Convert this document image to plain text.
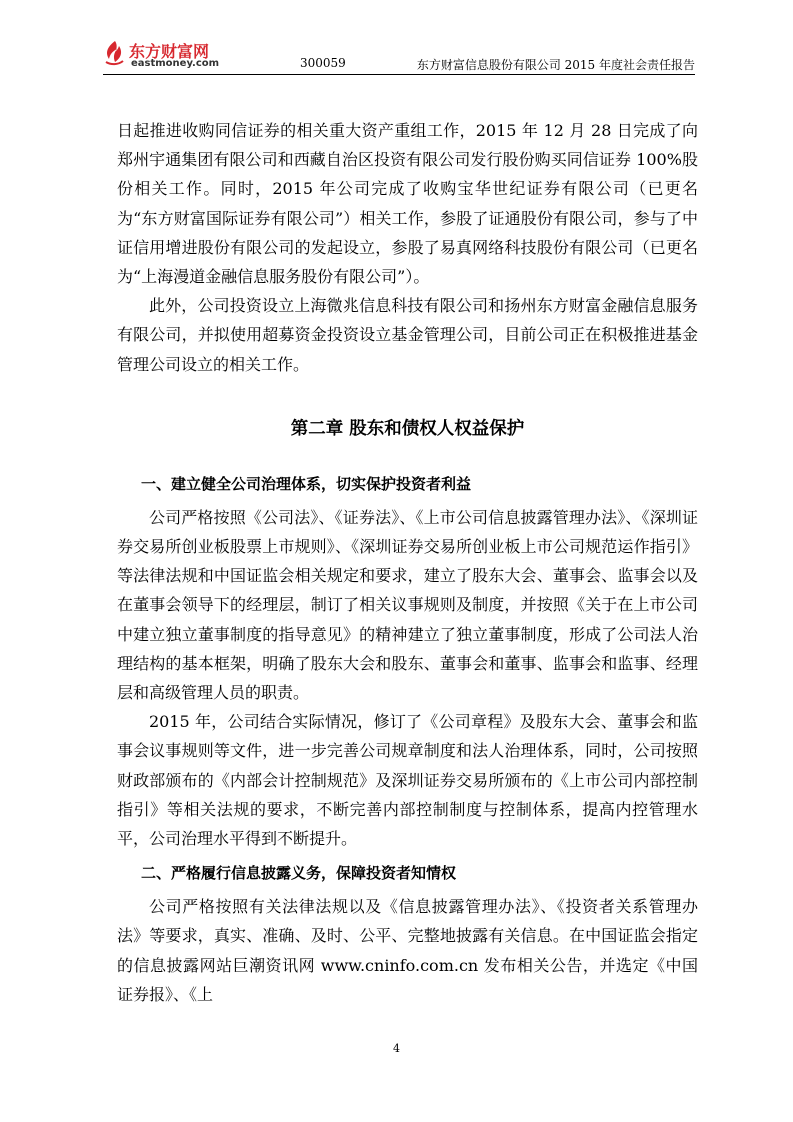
东方财富网
eastmoney.com	300059	东方财富信息股份有限公司 2015 年度社会责任报告

日起推进收购同信证券的相关重大资产重组工作，2015 年 12 月 28 日完成了向郑州宇通集团有限公司和西藏自治区投资有限公司发行股份购买同信证券 100%股份相关工作。同时，2015 年公司完成了收购宝华世纪证券有限公司（已更名为“东方财富国际证券有限公司”）相关工作，参股了证通股份有限公司，参与了中证信用增进股份有限公司的发起设立，参股了易真网络科技股份有限公司（已更名为“上海漫道金融信息服务股份有限公司”）。

此外，公司投资设立上海微兆信息科技有限公司和扬州东方财富金融信息服务有限公司，并拟使用超募资金投资设立基金管理公司，目前公司正在积极推进基金管理公司设立的相关工作。

第二章 股东和债权人权益保护
一、建立健全公司治理体系，切实保护投资者利益

公司严格按照《公司法》、《证券法》、《上市公司信息披露管理办法》、《深圳证券交易所创业板股票上市规则》、《深圳证券交易所创业板上市公司规范运作指引》等法律法规和中国证监会相关规定和要求，建立了股东大会、董事会、监事会以及在董事会领导下的经理层，制订了相关议事规则及制度，并按照《关于在上市公司中建立独立董事制度的指导意见》的精神建立了独立董事制度，形成了公司法人治理结构的基本框架，明确了股东大会和股东、董事会和董事、监事会和监事、经理层和高级管理人员的职责。

2015 年，公司结合实际情况，修订了《公司章程》及股东大会、董事会和监事会议事规则等文件，进一步完善公司规章制度和法人治理体系，同时，公司按照财政部颁布的《内部会计控制规范》及深圳证券交易所颁布的《上市公司内部控制指引》等相关法规的要求，不断完善内部控制制度与控制体系，提高内控管理水平，公司治理水平得到不断提升。

二、严格履行信息披露义务，保障投资者知情权

公司严格按照有关法律法规以及《信息披露管理办法》、《投资者关系管理办法》等要求，真实、准确、及时、公平、完整地披露有关信息。在中国证监会指定的信息披露网站巨潮资讯网 www.cninfo.com.cn 发布相关公告，并选定《中国证券报》、《上

4
